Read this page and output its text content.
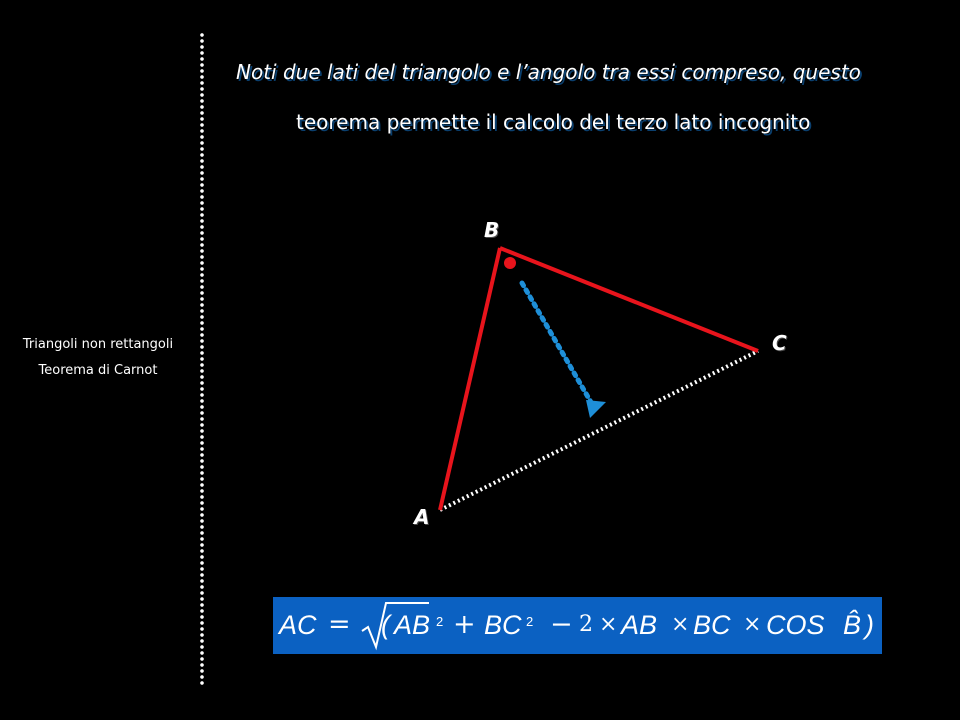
Noti due lati del triangolo e l’angolo tra essi compreso, questo
teorema permette il calcolo del terzo lato incognito
Triangoli non rettangoli
Teorema di Carnot
B
C
A
AC = ( AB 2 + BC 2 − 2 × AB × BC × COS B̂ )
